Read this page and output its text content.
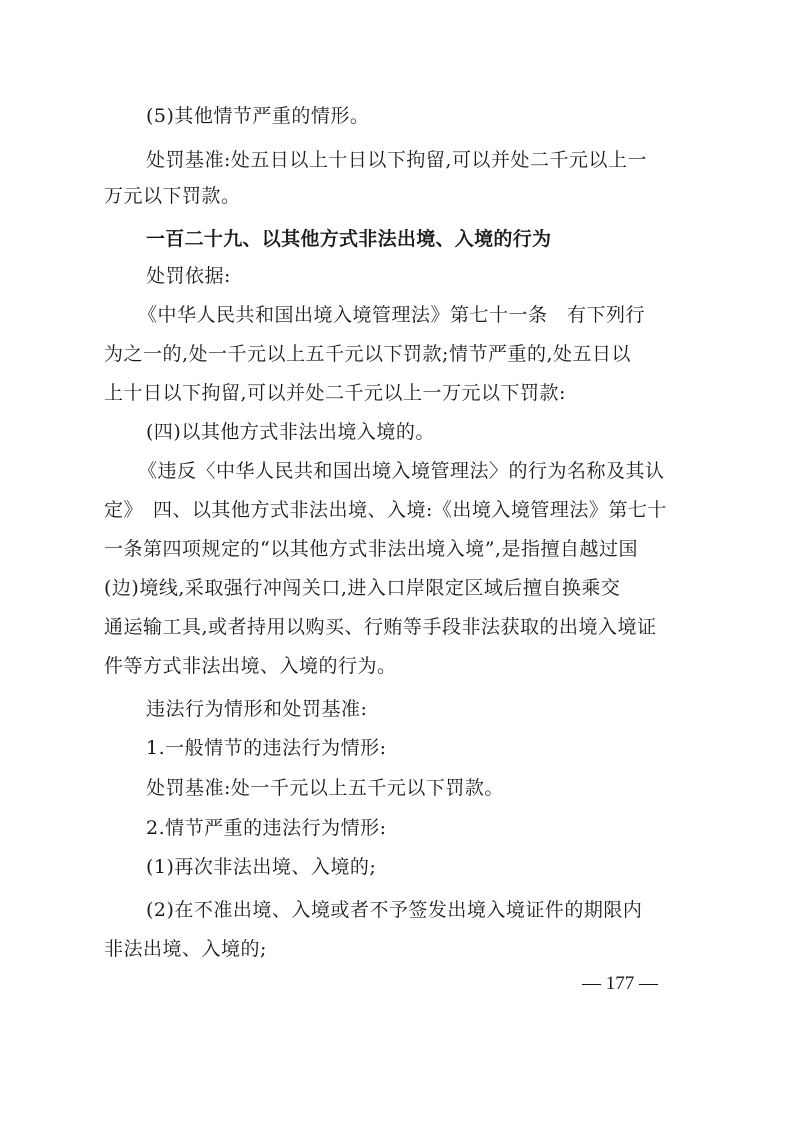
(5)其他情节严重的情形。
处罚基准:处五日以上十日以下拘留,可以并处二千元以上一
万元以下罚款。
一百二十九、以其他方式非法出境、入境的行为
处罚依据:
《中华人民共和国出境入境管理法》第七十一条　有下列行
为之一的,处一千元以上五千元以下罚款;情节严重的,处五日以
上十日以下拘留,可以并处二千元以上一万元以下罚款:
(四)以其他方式非法出境入境的。
《违反〈中华人民共和国出境入境管理法〉的行为名称及其认
定》　四、以其他方式非法出境、入境:《出境入境管理法》第七十
一条第四项规定的“以其他方式非法出境入境”,是指擅自越过国
(边)境线,采取强行冲闯关口,进入口岸限定区域后擅自换乘交
通运输工具,或者持用以购买、行贿等手段非法获取的出境入境证
件等方式非法出境、入境的行为。
违法行为情形和处罚基准:
1.一般情节的违法行为情形:
处罚基准:处一千元以上五千元以下罚款。
2.情节严重的违法行为情形:
(1)再次非法出境、入境的;
(2)在不准出境、入境或者不予签发出境入境证件的期限内
非法出境、入境的;
— 177 —
